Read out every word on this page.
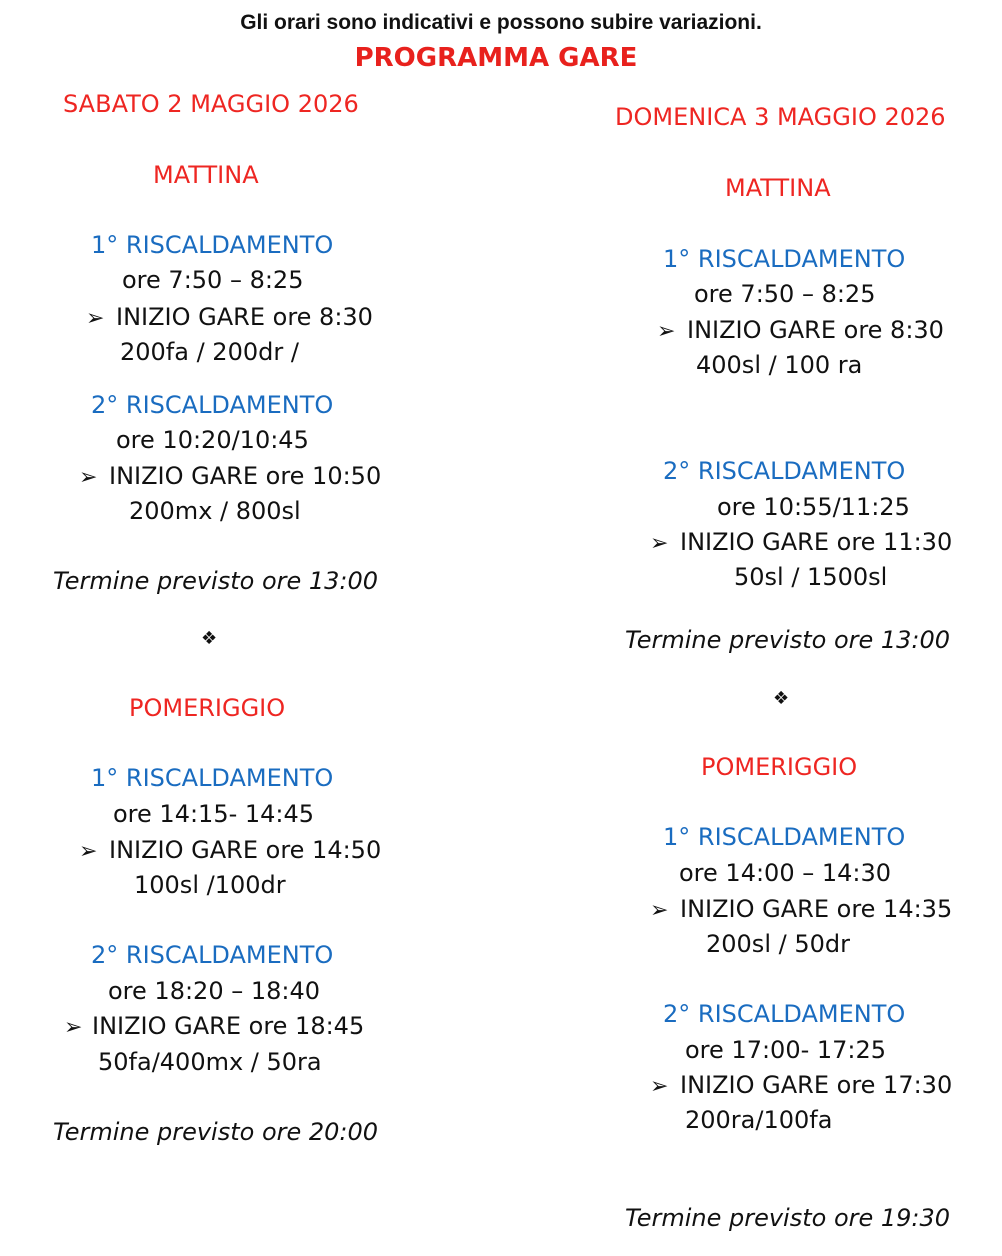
Gli orari sono indicativi e possono subire variazioni.
PROGRAMMA GARE
SABATO 2 MAGGIO 2026
MATTINA
1° RISCALDAMENTO
ore 7:50 – 8:25
➢ INIZIO GARE ore 8:30
200fa / 200dr /
2° RISCALDAMENTO
ore 10:20/10:45
➢ INIZIO GARE ore 10:50
200mx / 800sl
Termine previsto ore 13:00
❖
POMERIGGIO
1° RISCALDAMENTO
ore 14:15- 14:45
➢ INIZIO GARE ore 14:50
100sl /100dr
2° RISCALDAMENTO
ore 18:20 – 18:40
➢ INIZIO GARE ore 18:45
50fa/400mx / 50ra
Termine previsto ore 20:00
DOMENICA 3 MAGGIO 2026
MATTINA
1° RISCALDAMENTO
ore 7:50 – 8:25
➢ INIZIO GARE ore 8:30
400sl / 100 ra
2° RISCALDAMENTO
ore 10:55/11:25
➢ INIZIO GARE ore 11:30
50sl / 1500sl
Termine previsto ore 13:00
❖
POMERIGGIO
1° RISCALDAMENTO
ore 14:00 – 14:30
➢ INIZIO GARE ore 14:35
200sl / 50dr
2° RISCALDAMENTO
ore 17:00- 17:25
➢ INIZIO GARE ore 17:30
200ra/100fa
Termine previsto ore 19:30
